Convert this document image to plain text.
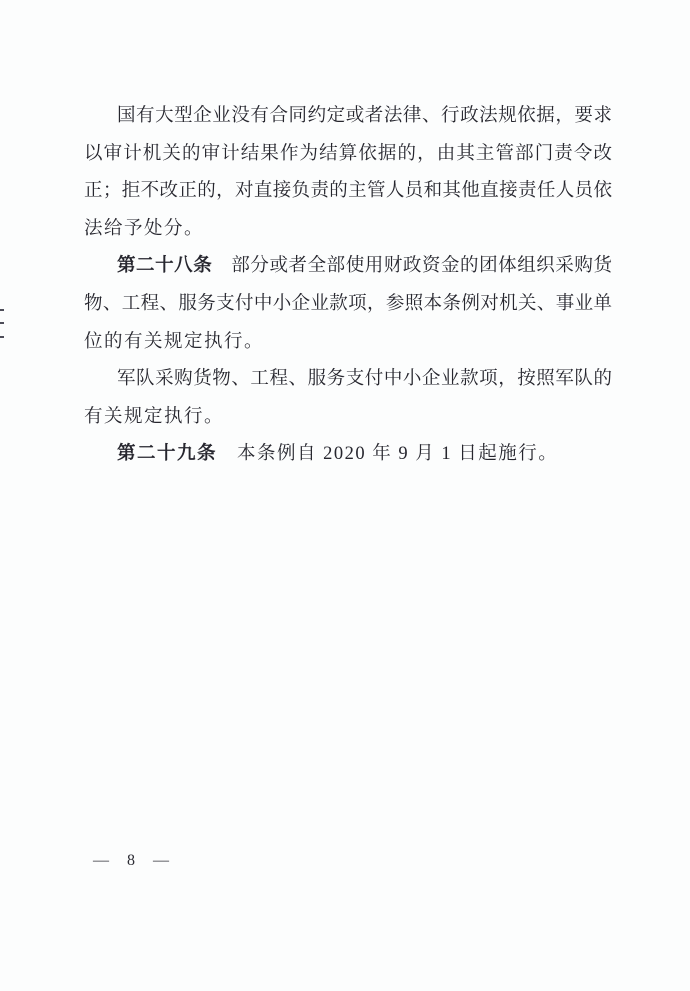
国有大型企业没有合同约定或者法律、行政法规依据，要求
以审计机关的审计结果作为结算依据的，由其主管部门责令改
正；拒不改正的，对直接负责的主管人员和其他直接责任人员依
法给予处分。
第二十八条　部分或者全部使用财政资金的团体组织采购货
物、工程、服务支付中小企业款项，参照本条例对机关、事业单
位的有关规定执行。
军队采购货物、工程、服务支付中小企业款项，按照军队的
有关规定执行。
第二十九条　本条例自 2020 年 9 月 1 日起施行。
— 8 —
